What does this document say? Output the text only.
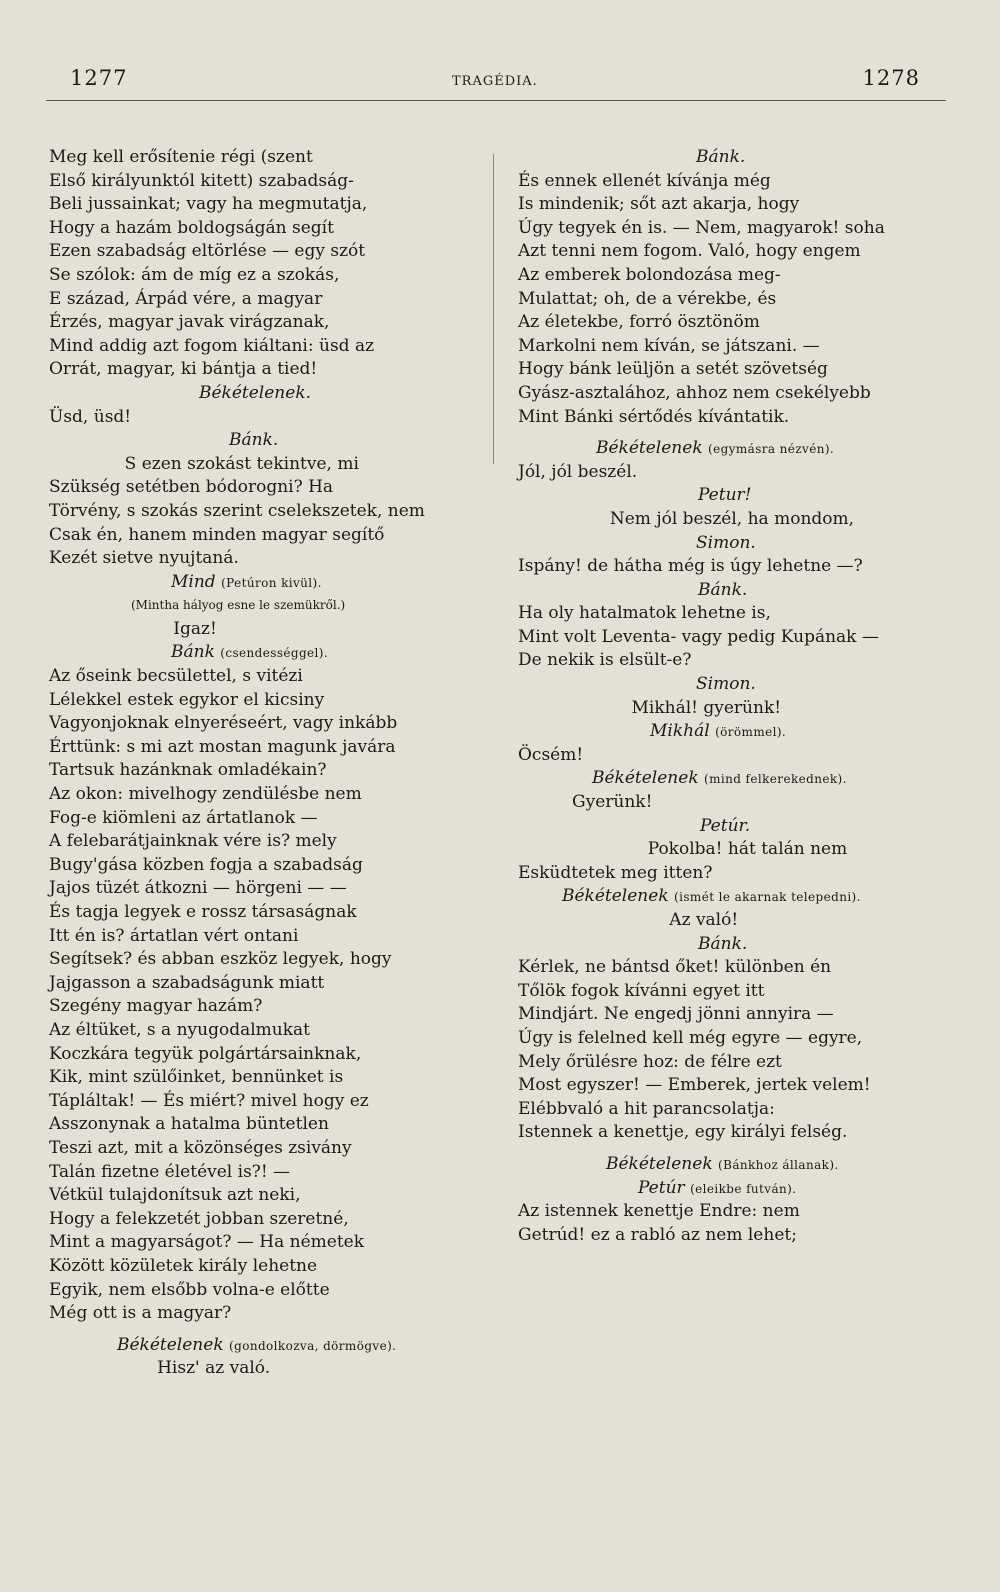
1277	TRAGÉDIA.	1278
Meg kell erősítenie régi (szent
Első királyunktól kitett) szabadság-
Beli jussainkat; vagy ha megmutatja,
Hogy a hazám boldogságán segít
Ezen szabadság eltörlése — egy szót
Se szólok: ám de míg ez a szokás,
E század, Árpád vére, a magyar
Érzés, magyar javak virágzanak,
Mind addig azt fogom kiáltani: üsd az
Orrát, magyar, ki bántja a tied!
Békételenek.
Üsd, üsd!
Bánk.
S ezen szokást tekintve, mi
Szükség setétben bódorogni? Ha
Törvény, s szokás szerint cselekszetek, nem
Csak én, hanem minden magyar segítő
Kezét sietve nyujtaná.
Mind (Petúron kivül).
(Mintha hályog esne le szemükről.)
Igaz!
Bánk (csendességgel).
Az őseink becsülettel, s vitézi
Lélekkel estek egykor el kicsiny
Vagyonjoknak elnyeréseért, vagy inkább
Érttünk: s mi azt mostan magunk javára
Tartsuk hazánknak omladékain?
Az okon: mivelhogy zendülésbe nem
Fog-e kiömleni az ártatlanok —
A felebarátjainknak vére is? mely
Bugy'gása közben fogja a szabadság
Jajos tüzét átkozni — hörgeni — —
És tagja legyek e rossz társaságnak
Itt én is? ártatlan vért ontani
Segítsek? és abban eszköz legyek, hogy
Jajgasson a szabadságunk miatt
Szegény magyar hazám?
Az éltüket, s a nyugodalmukat
Koczkára tegyük polgártársainknak,
Kik, mint szülőinket, bennünket is
Tápláltak! — És miért? mivel hogy ez
Asszonynak a hatalma büntetlen
Teszi azt, mit a közönséges zsivány
Talán fizetne életével is?! —
Vétkül tulajdonítsuk azt neki,
Hogy a felekzetét jobban szeretné,
Mint a magyarságot? — Ha németek
Között közületek király lehetne
Egyik, nem elsőbb volna-e előtte
Még ott is a magyar?
Békételenek (gondolkozva, dörmögve).
Hisz' az való.
Bánk.
És ennek ellenét kívánja még
Is mindenik; sőt azt akarja, hogy
Úgy tegyek én is. — Nem, magyarok! soha
Azt tenni nem fogom. Való, hogy engem
Az emberek bolondozása meg-
Mulattat; oh, de a vérekbe, és
Az életekbe, forró ösztönöm
Markolni nem kíván, se játszani. —
Hogy bánk leüljön a setét szövetség
Gyász-asztalához, ahhoz nem csekélyebb
Mint Bánki sértődés kívántatik.
Békételenek (egymásra nézvén).
Jól, jól beszél.
Petur!
Nem jól beszél, ha mondom,
Simon.
Ispány! de hátha még is úgy lehetne —?
Bánk.
Ha oly hatalmatok lehetne is,
Mint volt Leventa- vagy pedig Kupának —
De nekik is elsült-e?
Simon.
Mikhál! gyerünk!
Mikhál (örömmel).
Öcsém!
Békételenek (mind felkerekednek).
Gyerünk!
Petúr.
Pokolba! hát talán nem
Esküdtetek meg itten?
Békételenek (ismét le akarnak telepedni).
Az való!
Bánk.
Kérlek, ne bántsd őket! különben én
Tőlök fogok kívánni egyet itt
Mindjárt. Ne engedj jönni annyira —
Úgy is felelned kell még egyre — egyre,
Mely őrülésre hoz: de félre ezt
Most egyszer! — Emberek, jertek velem!
Elébbvaló a hit parancsolatja:
Istennek a kenettje, egy királyi felség.
Békételenek (Bánkhoz állanak).
Petúr (eleikbe futván).
Az istennek kenettje Endre: nem
Getrúd! ez a rabló az nem lehet;
